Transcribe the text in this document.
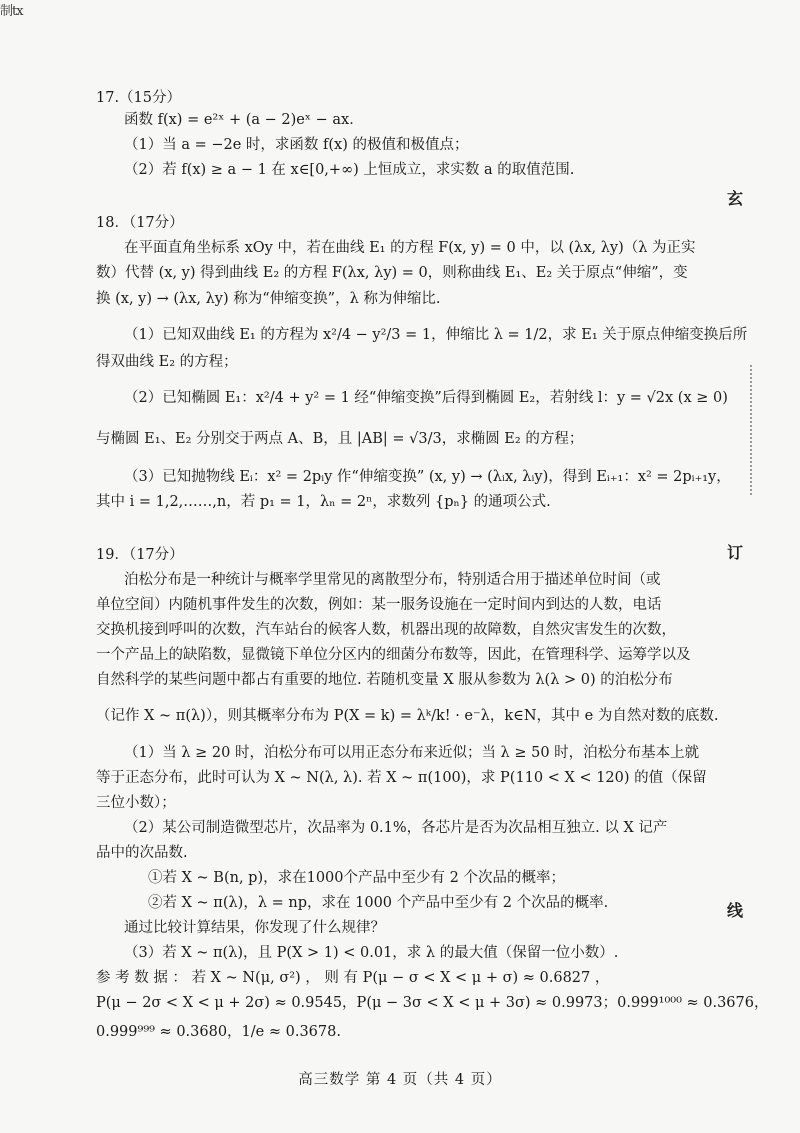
制tx
玄
订
线
17.（15分）
函数 f(x) = e²ˣ + (a − 2)eˣ − ax．
（1）当 a = −2e 时，求函数 f(x) 的极值和极值点；
（2）若 f(x) ≥ a − 1 在 x∈[0,+∞) 上恒成立，求实数 a 的取值范围.
18．（17分）
在平面直角坐标系 xOy 中，若在曲线 E₁ 的方程 F(x, y) = 0 中，以 (λx, λy)（λ 为正实
数）代替 (x, y) 得到曲线 E₂ 的方程 F(λx, λy) = 0，则称曲线 E₁、E₂ 关于原点“伸缩”，变
换 (x, y) → (λx, λy) 称为“伸缩变换”，λ 称为伸缩比.
（1）已知双曲线 E₁ 的方程为 x²/4 − y²/3 = 1，伸缩比 λ = 1/2，求 E₁ 关于原点伸缩变换后所
得双曲线 E₂ 的方程；
（2）已知椭圆 E₁：x²/4 + y² = 1 经“伸缩变换”后得到椭圆 E₂，若射线 l：y = √2x (x ≥ 0)
与椭圆 E₁、E₂ 分别交于两点 A、B，且 |AB| = √3/3，求椭圆 E₂ 的方程；
（3）已知抛物线 Eᵢ：x² = 2pᵢy 作“伸缩变换” (x, y) → (λᵢx, λᵢy)，得到 Eᵢ₊₁：x² = 2pᵢ₊₁y，
其中 i = 1,2,……,n，若 p₁ = 1，λₙ = 2ⁿ，求数列 {pₙ} 的通项公式.
19．（17分）
泊松分布是一种统计与概率学里常见的离散型分布，特别适合用于描述单位时间（或
单位空间）内随机事件发生的次数，例如：某一服务设施在一定时间内到达的人数，电话
交换机接到呼叫的次数，汽车站台的候客人数，机器出现的故障数，自然灾害发生的次数，
一个产品上的缺陷数，显微镜下单位分区内的细菌分布数等，因此，在管理科学、运筹学以及
自然科学的某些问题中都占有重要的地位. 若随机变量 X 服从参数为 λ(λ > 0) 的泊松分布
（记作 X ~ π(λ)），则其概率分布为 P(X = k) = λᵏ/k! · e⁻λ，k∈N，其中 e 为自然对数的底数.
（1）当 λ ≥ 20 时，泊松分布可以用正态分布来近似；当 λ ≥ 50 时，泊松分布基本上就
等于正态分布，此时可认为 X ~ N(λ, λ). 若 X ~ π(100)，求 P(110 < X < 120) 的值（保留
三位小数）；
（2）某公司制造微型芯片，次品率为 0.1%，各芯片是否为次品相互独立. 以 X 记产
品中的次品数.
①若 X ~ B(n, p)，求在1000个产品中至少有 2 个次品的概率；
②若 X ~ π(λ)，λ = np，求在 1000 个产品中至少有 2 个次品的概率.
通过比较计算结果，你发现了什么规律？
（3）若 X ~ π(λ)，且 P(X > 1) < 0.01，求 λ 的最大值（保留一位小数）.
参 考 数 据 ： 若 X ~ N(μ, σ²) ， 则 有 P(μ − σ < X < μ + σ) ≈ 0.6827 ，
P(μ − 2σ < X < μ + 2σ) ≈ 0.9545，P(μ − 3σ < X < μ + 3σ) ≈ 0.9973；0.999¹⁰⁰⁰ ≈ 0.3676，
0.999⁹⁹⁹ ≈ 0.3680，1/e ≈ 0.3678.
高三数学 第 4 页（共 4 页）
